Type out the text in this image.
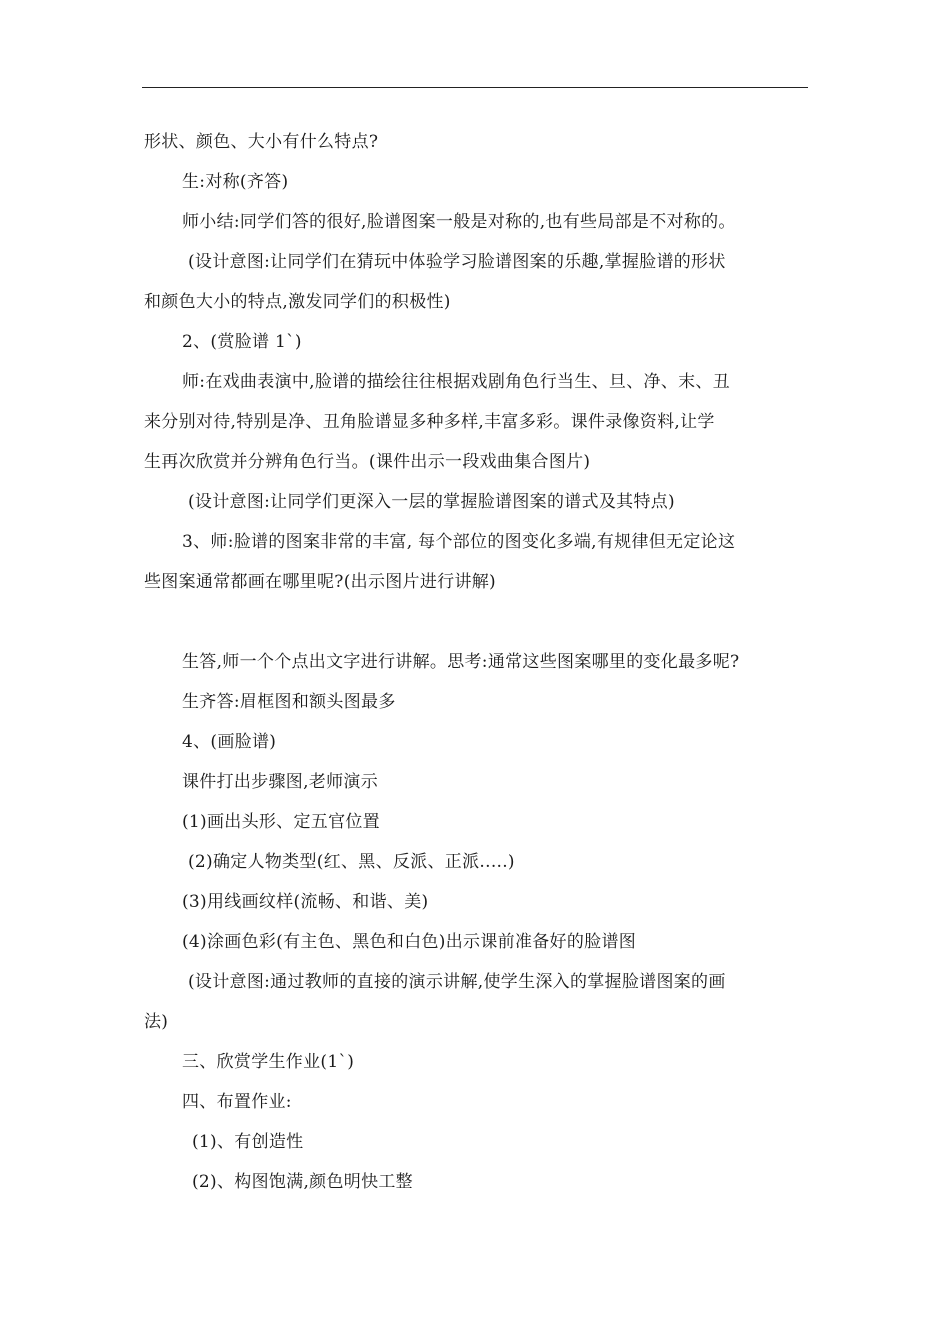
形状、颜色、大小有什么特点?
生:对称(齐答)
师小结:同学们答的很好,脸谱图案一般是对称的,也有些局部是不对称的。
(设计意图:让同学们在猜玩中体验学习脸谱图案的乐趣,掌握脸谱的形状
和颜色大小的特点,激发同学们的积极性)
2、(赏脸谱 1`)
师:在戏曲表演中,脸谱的描绘往往根据戏剧角色行当生、旦、净、末、丑
来分别对待,特别是净、丑角脸谱显多种多样,丰富多彩。课件录像资料,让学
生再次欣赏并分辨角色行当。(课件出示一段戏曲集合图片)
(设计意图:让同学们更深入一层的掌握脸谱图案的谱式及其特点)
3、师:脸谱的图案非常的丰富, 每个部位的图变化多端,有规律但无定论这
些图案通常都画在哪里呢?(出示图片进行讲解)
生答,师一个个点出文字进行讲解。思考:通常这些图案哪里的变化最多呢?
生齐答:眉框图和额头图最多
4、(画脸谱)
课件打出步骤图,老师演示
(1)画出头形、定五官位置
(2)确定人物类型(红、黑、反派、正派.....)
(3)用线画纹样(流畅、和谐、美)
(4)涂画色彩(有主色、黑色和白色)出示课前准备好的脸谱图
(设计意图:通过教师的直接的演示讲解,使学生深入的掌握脸谱图案的画
法)
三、欣赏学生作业(1`)
四、布置作业:
(1)、有创造性
(2)、构图饱满,颜色明快工整
